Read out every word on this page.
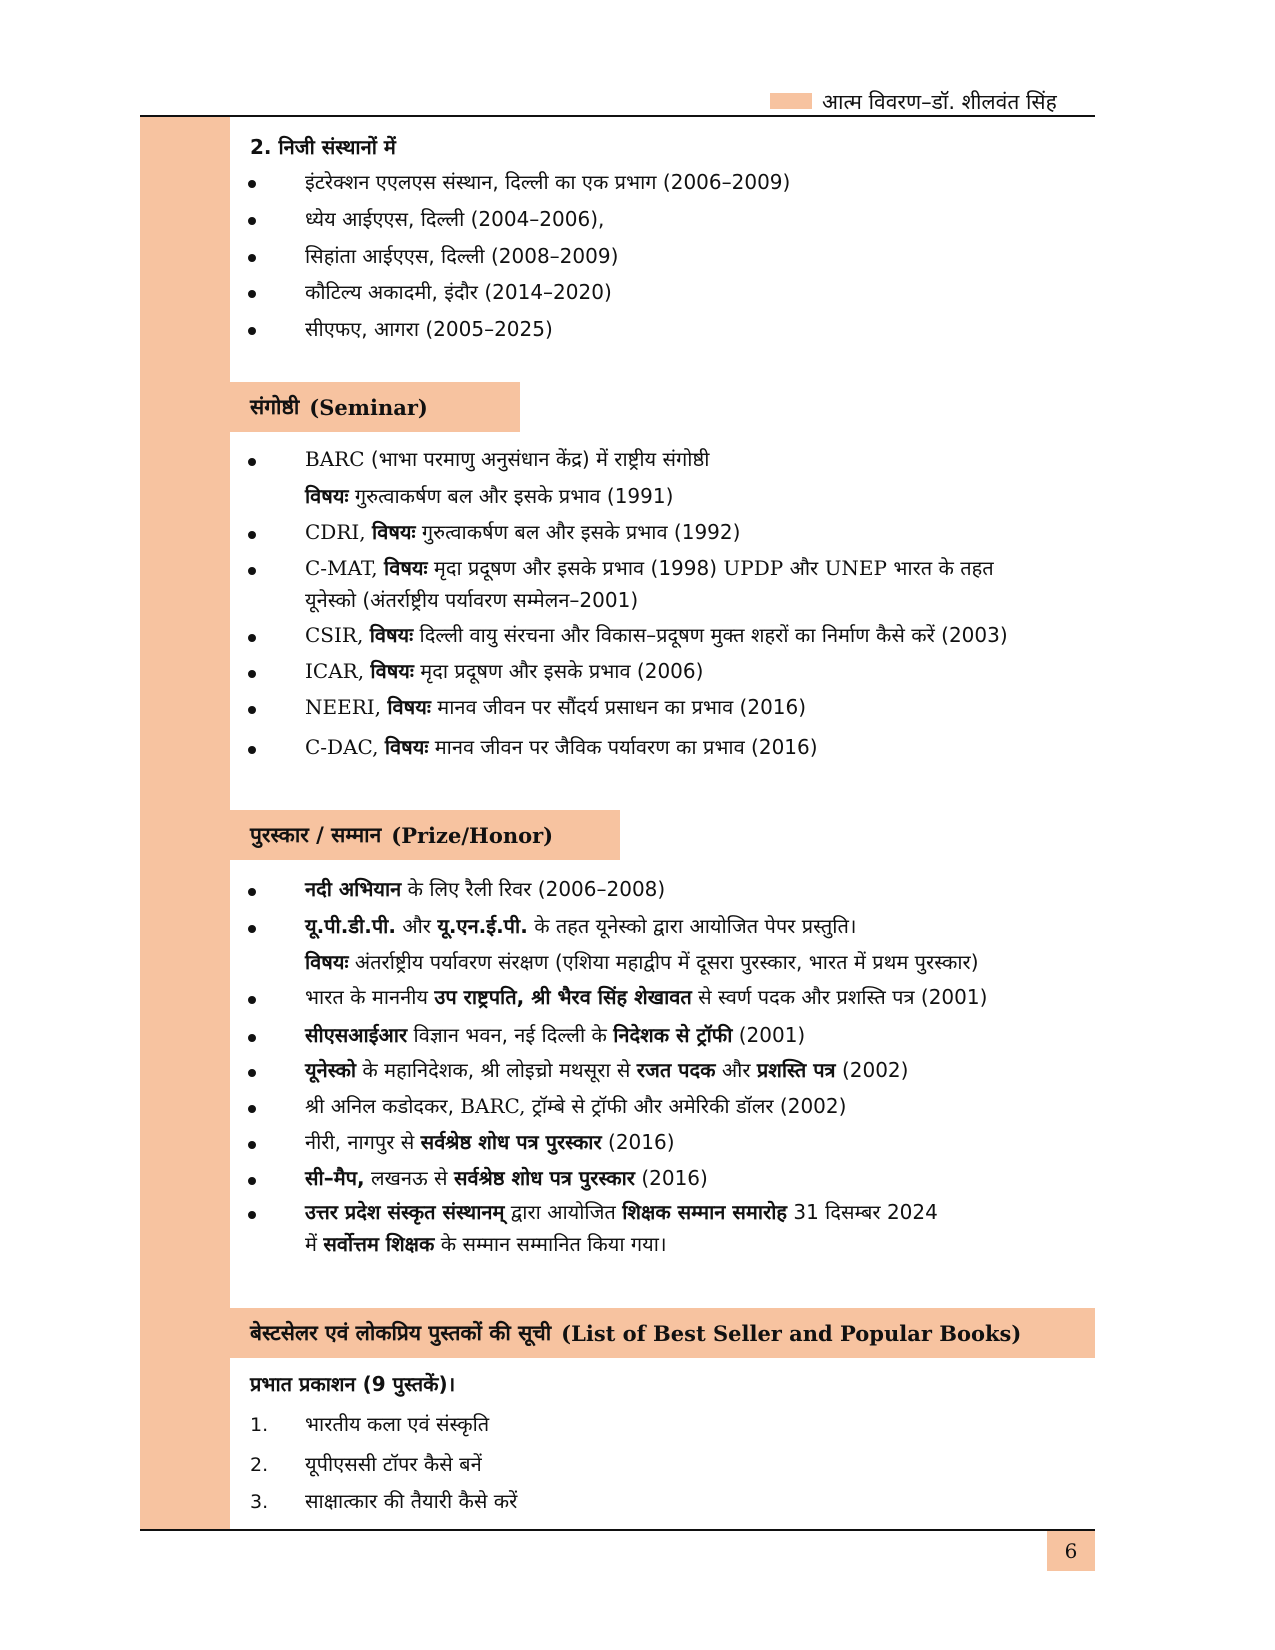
आत्म विवरण–डॉ. शीलवंत सिंह
2. निजी संस्थानों में
इंटरेक्शन एएलएस संस्थान, दिल्ली का एक प्रभाग (2006–2009)
ध्येय आईएएस, दिल्ली (2004–2006),
सिहांता आईएएस, दिल्ली (2008–2009)
कौटिल्य अकादमी, इंदौर (2014–2020)
सीएफए, आगरा (2005–2025)
संगोष्ठी (Seminar)
BARC (भाभा परमाणु अनुसंधान केंद्र) में राष्ट्रीय संगोष्ठी
विषयः गुरुत्वाकर्षण बल और इसके प्रभाव (1991)
CDRI, विषयः गुरुत्वाकर्षण बल और इसके प्रभाव (1992)
C-MAT, विषयः मृदा प्रदूषण और इसके प्रभाव (1998) UPDP और UNEP भारत के तहत
यूनेस्को (अंतर्राष्ट्रीय पर्यावरण सम्मेलन–2001)
CSIR, विषयः दिल्ली वायु संरचना और विकास–प्रदूषण मुक्त शहरों का निर्माण कैसे करें (2003)
ICAR, विषयः मृदा प्रदूषण और इसके प्रभाव (2006)
NEERI, विषयः मानव जीवन पर सौंदर्य प्रसाधन का प्रभाव (2016)
C-DAC, विषयः मानव जीवन पर जैविक पर्यावरण का प्रभाव (2016)
पुरस्कार / सम्मान (Prize/Honor)
नदी अभियान के लिए रैली रिवर (2006–2008)
यू.पी.डी.पी. और यू.एन.ई.पी. के तहत यूनेस्को द्वारा आयोजित पेपर प्रस्तुति।
विषयः अंतर्राष्ट्रीय पर्यावरण संरक्षण (एशिया महाद्वीप में दूसरा पुरस्कार, भारत में प्रथम पुरस्कार)
भारत के माननीय उप राष्ट्रपति, श्री भैरव सिंह शेखावत से स्वर्ण पदक और प्रशस्ति पत्र (2001)
सीएसआईआर विज्ञान भवन, नई दिल्ली के निदेशक से ट्रॉफी (2001)
यूनेस्को के महानिदेशक, श्री लोइच्रो मथसूरा से रजत पदक और प्रशस्ति पत्र (2002)
श्री अनिल कडोदकर, BARC, ट्रॉम्बे से ट्रॉफी और अमेरिकी डॉलर (2002)
नीरी, नागपुर से सर्वश्रेष्ठ शोध पत्र पुरस्कार (2016)
सी–मैप, लखनऊ से सर्वश्रेष्ठ शोध पत्र पुरस्कार (2016)
उत्तर प्रदेश संस्कृत संस्थानम् द्वारा आयोजित शिक्षक सम्मान समारोह 31 दिसम्बर 2024
में सर्वोत्तम शिक्षक के सम्मान सम्मानित किया गया।
बेस्टसेलर एवं लोकप्रिय पुस्तकों की सूची (List of Best Seller and Popular Books)
प्रभात प्रकाशन (9 पुस्तकें)।
1. भारतीय कला एवं संस्कृति
2. यूपीएससी टॉपर कैसे बनें
3. साक्षात्कार की तैयारी कैसे करें
6
